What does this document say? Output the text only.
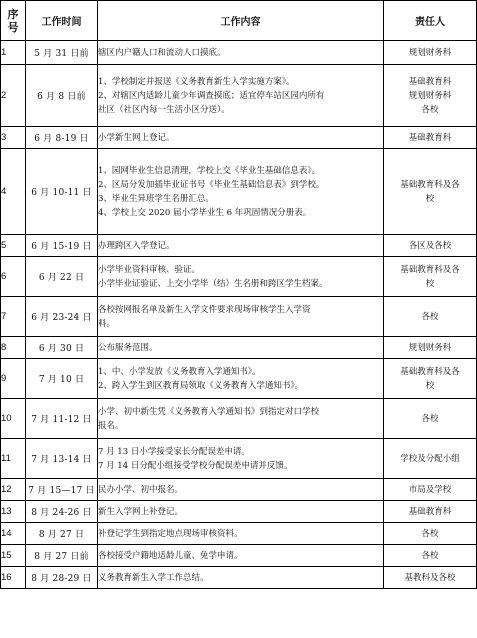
序
号	工作时间	工作内容	责任人
1	5 月 31 日前	辖区内户籍人口和流动人口摸底。	规划财务科

2	6 月 8 日前	1、学校制定并报送《义务教育新生入学实施方案》。
2、对辖区内适龄儿童少年调查摸底；适宜停车站区园内所有
社区（社区内每一生活小区分送）。	基础教育科
规划财务科
各校

3	6 月 8-19 日	小学新生网上登记。	基础教育科

4	6 月 10-11 日	1、园网毕业生信息清理，学校上交《毕业生基础信息表》。
2、区局分发加插毕业证书号《毕业生基础信息表》到学校。
3、毕业生异班学生名册汇总。
4、学校上交 2020 届小学毕业生 6 年巩固情况分册表。	基础教育科及各
校

5	6 月 15-19 日	办理跨区入学登记。	各区及各校

6	6 月 22 日	小学毕业资料审核、验证。
小学毕业证验证、上交小学毕（结）生名册和跨区学生档案。	基础教育科及各
校

7	6 月 23-24 日	各校按网报名单及新生入学文件要求现场审核学生入学资
料。	各校

8	6 月 30 日	公布服务范围。	规划财务科

9	7 月 10 日	1、中、小学发放《义务教育入学通知书》。
2、跨入学生到区教育局领取《义务教育入学通知书》。	基础教育科及各
校

10	7 月 11-12 日	小学、初中新生凭《义务教育入学通知书》到指定对口学校
报名。	各校

11	7 月 13-14 日	7 月 13 日小学接受家长分配误差申请。
7 月 14 日分配小组接受学校分配误差申请并反馈。	学校及分配小组

12	7 月 15—17 日	民办小学、初中报名。	市局及学校

13	8 月 24-26 日	新生入学网上补登记。	基础教育科

14	8 月 27 日	补登记学生到指定地点现场审核资料。	各校

15	8 月 27 日前	各校接受户籍地适龄儿童、免学申请。	各校

16	8 月 28-29 日	义务教育新生入学工作总结。	基教科及各校
